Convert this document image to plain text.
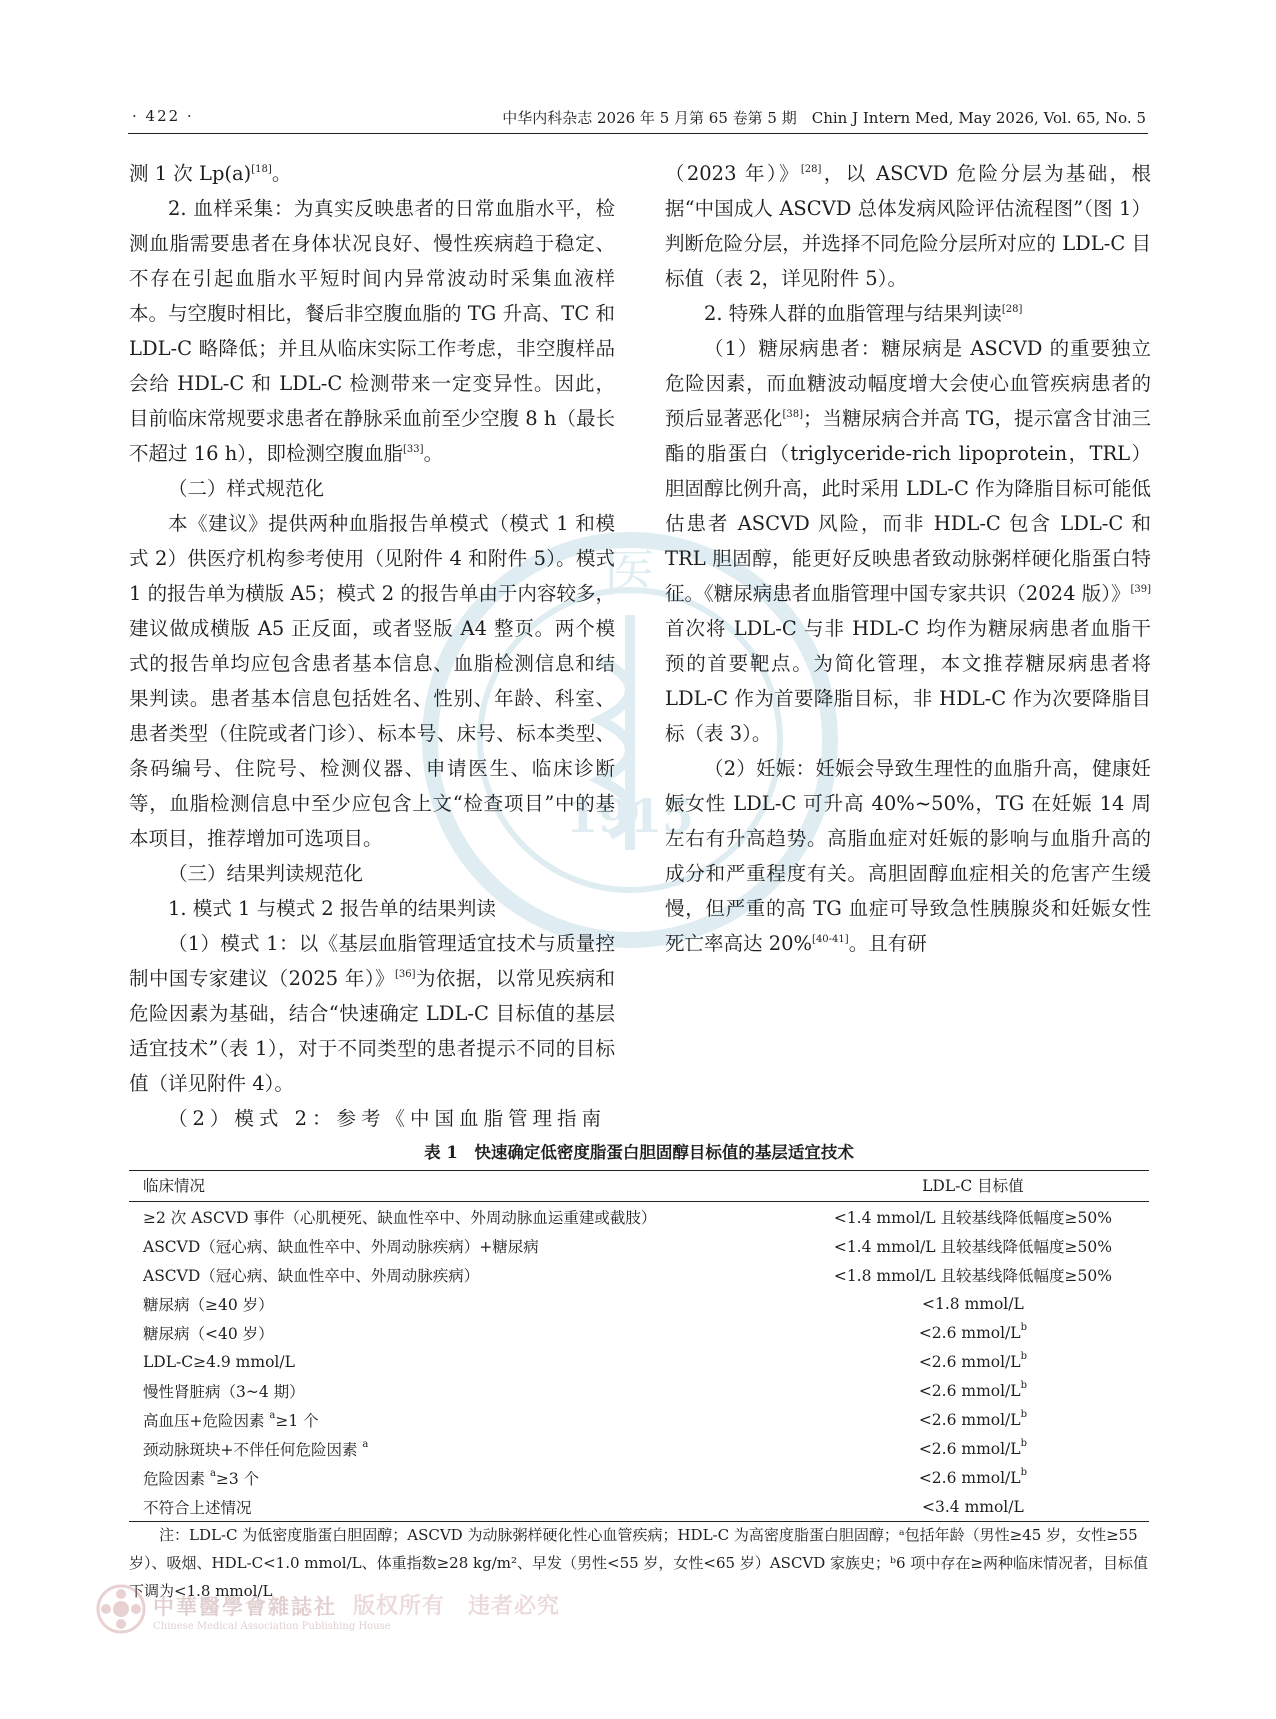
· 422 ·	中华内科杂志 2026 年 5 月第 65 卷第 5 期　Chin J Intern Med, May 2026, Vol. 65, No. 5
医
1915

测 1 次 Lp(a)[18]。

2. 血样采集：为真实反映患者的日常血脂水平，检测血脂需要患者在身体状况良好、慢性疾病趋于稳定、不存在引起血脂水平短时间内异常波动时采集血液样本。与空腹时相比，餐后非空腹血脂的 TG 升高、TC 和 LDL-C 略降低；并且从临床实际工作考虑，非空腹样品会给 HDL-C 和 LDL-C 检测带来一定变异性。因此，目前临床常规要求患者在静脉采血前至少空腹 8 h（最长不超过 16 h），即检测空腹血脂[33]。

（二）样式规范化

本《建议》提供两种血脂报告单模式（模式 1 和模式 2）供医疗机构参考使用（见附件 4 和附件 5）。模式 1 的报告单为横版 A5；模式 2 的报告单由于内容较多，建议做成横版 A5 正反面，或者竖版 A4 整页。两个模式的报告单均应包含患者基本信息、血脂检测信息和结果判读。患者基本信息包括姓名、性别、年龄、科室、患者类型（住院或者门诊）、标本号、床号、标本类型、条码编号、住院号、检测仪器、申请医生、临床诊断等，血脂检测信息中至少应包含上文“检查项目”中的基本项目，推荐增加可选项目。

（三）结果判读规范化

1. 模式 1 与模式 2 报告单的结果判读

（1）模式 1：以《基层血脂管理适宜技术与质量控制中国专家建议（2025 年）》[36]为依据，以常见疾病和危险因素为基础，结合“快速确定 LDL-C 目标值的基层适宜技术”（表 1），对于不同类型的患者提示不同的目标值（详见附件 4）。

（2）模式 2：参考《中国血脂管理指南

（2023 年）》[28]，以 ASCVD 危险分层为基础，根据“中国成人 ASCVD 总体发病风险评估流程图”（图 1）判断危险分层，并选择不同危险分层所对应的 LDL-C 目标值（表 2，详见附件 5）。

2. 特殊人群的血脂管理与结果判读[28]

（1）糖尿病患者：糖尿病是 ASCVD 的重要独立危险因素，而血糖波动幅度增大会使心血管疾病患者的预后显著恶化[38]；当糖尿病合并高 TG，提示富含甘油三酯的脂蛋白（triglyceride-rich lipoprotein，TRL）胆固醇比例升高，此时采用 LDL-C 作为降脂目标可能低估患者 ASCVD 风险，而非 HDL-C 包含 LDL-C 和 TRL 胆固醇，能更好反映患者致动脉粥样硬化脂蛋白特征。《糖尿病患者血脂管理中国专家共识（2024 版）》[39]首次将 LDL-C 与非 HDL-C 均作为糖尿病患者血脂干预的首要靶点。为简化管理，本文推荐糖尿病患者将 LDL-C 作为首要降脂目标，非 HDL-C 作为次要降脂目标（表 3）。

（2）妊娠：妊娠会导致生理性的血脂升高，健康妊娠女性 LDL-C 可升高 40%~50%，TG 在妊娠 14 周左右有升高趋势。高脂血症对妊娠的影响与血脂升高的成分和严重程度有关。高胆固醇血症相关的危害产生缓慢，但严重的高 TG 血症可导致急性胰腺炎和妊娠女性死亡率高达 20%[40-41]。且有研

表 1　快速确定低密度脂蛋白胆固醇目标值的基层适宜技术
临床情况	LDL-C 目标值
≥2 次 ASCVD 事件（心肌梗死、缺血性卒中、外周动脉血运重建或截肢）	<1.4 mmol/L 且较基线降低幅度≥50%
ASCVD（冠心病、缺血性卒中、外周动脉疾病）+糖尿病	<1.4 mmol/L 且较基线降低幅度≥50%
ASCVD（冠心病、缺血性卒中、外周动脉疾病）	<1.8 mmol/L 且较基线降低幅度≥50%
糖尿病（≥40 岁）	<1.8 mmol/L
糖尿病（<40 岁）	<2.6 mmol/$L^b$
LDL-C≥4.9 mmol/L	<2.6 mmol/$L^b$
慢性肾脏病（3~4 期）	<2.6 mmol/$L^b$
高血压+危险因素 $^a$≥1 个	<2.6 mmol/$L^b$
颈动脉斑块+不伴任何危险因素 $^a$	<2.6 mmol/$L^b$
危险因素 $^a$≥3 个	<2.6 mmol/$L^b$
不符合上述情况	<3.4 mmol/L

注：LDL-C 为低密度脂蛋白胆固醇；ASCVD 为动脉粥样硬化性心血管疾病；HDL-C 为高密度脂蛋白胆固醇；ᵃ包括年龄（男性≥45 岁，女性≥55 岁）、吸烟、HDL-C<1.0 mmol/L、体重指数≥28 kg/m²、早发（男性<55 岁，女性<65 岁）ASCVD 家族史；ᵇ6 项中存在≥两种临床情况者，目标值下调为<1.8 mmol/L

中華醫學會雜誌社
Chinese Medical Association Publishing House
版权所有　违者必究
